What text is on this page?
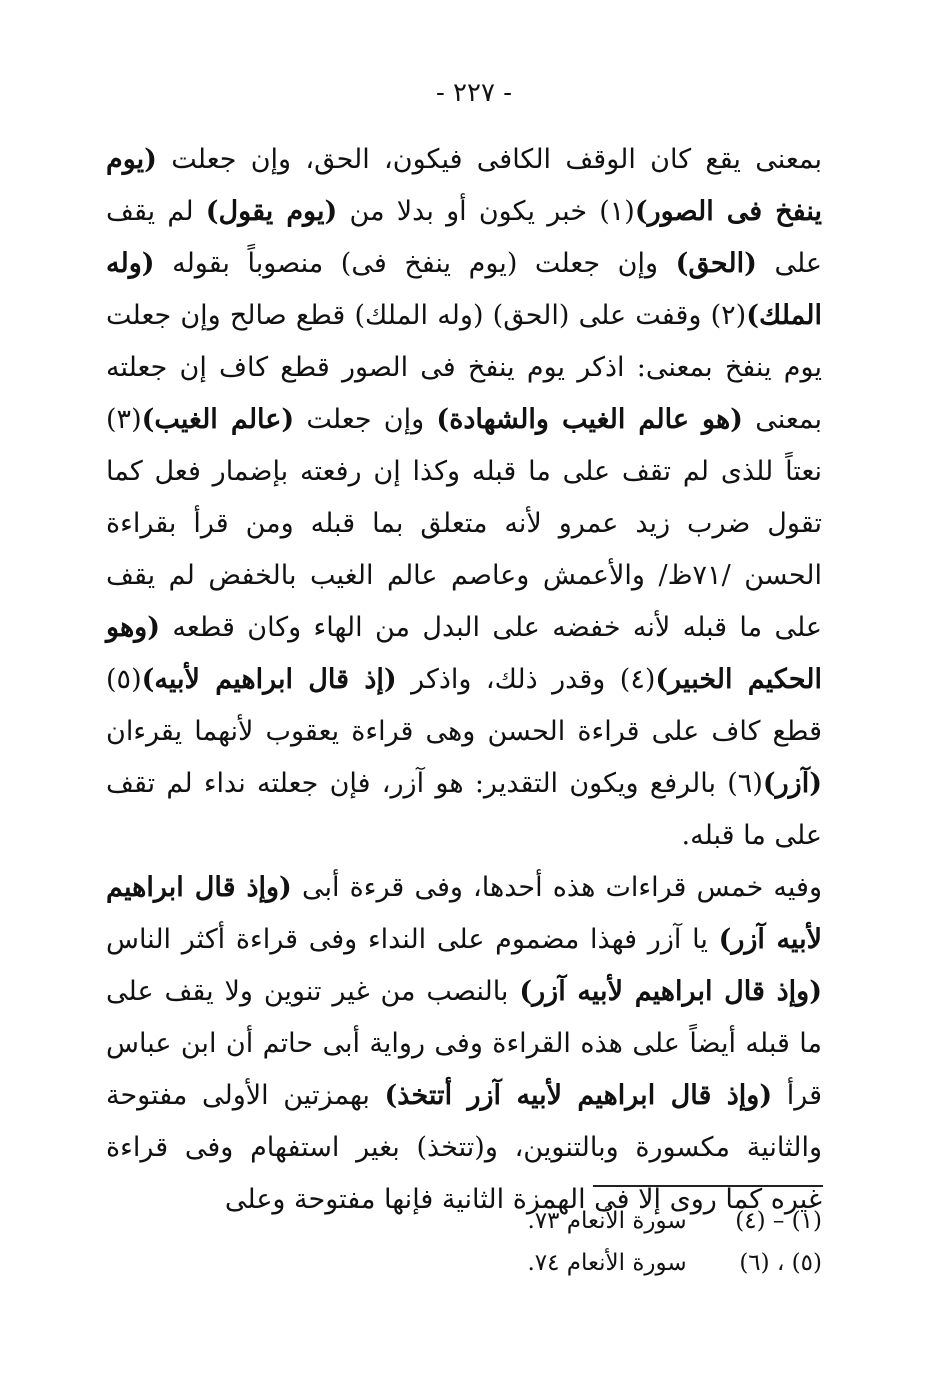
- ٢٢٧ -

بمعنى يقع كان الوقف الكافى فيكون، الحق، وإن جعلت (يوم ينفخ فى الصور)(١) خبر يكون أو بدلا من (يوم يقول) لم يقف على (الحق) وإن جعلت (يوم ينفخ فى) منصوباً بقوله (وله الملك)(٢) وقفت على (الحق) (وله الملك) قطع صالح وإن جعلت يوم ينفخ بمعنى: اذكر يوم ينفخ فى الصور قطع كاف إن جعلته بمعنى (هو عالم الغيب والشهادة) وإن جعلت (عالم الغيب)(٣) نعتاً للذى لم تقف على ما قبله وكذا إن رفعته بإضمار فعل كما تقول ضرب زيد عمرو لأنه متعلق بما قبله ومن قرأ بقراءة الحسن /٧١ظ/ والأعمش وعاصم عالم الغيب بالخفض لم يقف على ما قبله لأنه خفضه على البدل من الهاء وكان قطعه (وهو الحكيم الخبير)(٤) وقدر ذلك، واذكر (إذ قال ابراهيم لأبيه)(٥) قطع كاف على قراءة الحسن وهى قراءة يعقوب لأنهما يقرءان (آزر)(٦) بالرفع ويكون التقدير: هو آزر، فإن جعلته نداء لم تقف على ما قبله.

وفيه خمس قراءات هذه أحدها، وفى قرءة أبى (وإذ قال ابراهيم لأبيه آزر) يا آزر فهذا مضموم على النداء وفى قراءة أكثر الناس (وإذ قال ابراهيم لأبيه آزر) بالنصب من غير تنوين ولا يقف على ما قبله أيضاً على هذه القراءة وفى رواية أبى حاتم أن ابن عباس قرأ (وإذ قال ابراهيم لأبيه آزر أتتخذ) بهمزتين الأولى مفتوحة والثانية مكسورة وبالتنوين، و(تتخذ) بغير استفهام وفى قراءة غيره كما روى إلا فى الهمزة الثانية فإنها مفتوحة وعلى

(١) – (٤) سورة الأنعام ٧٣.
(٥) ، (٦) سورة الأنعام ٧٤.
